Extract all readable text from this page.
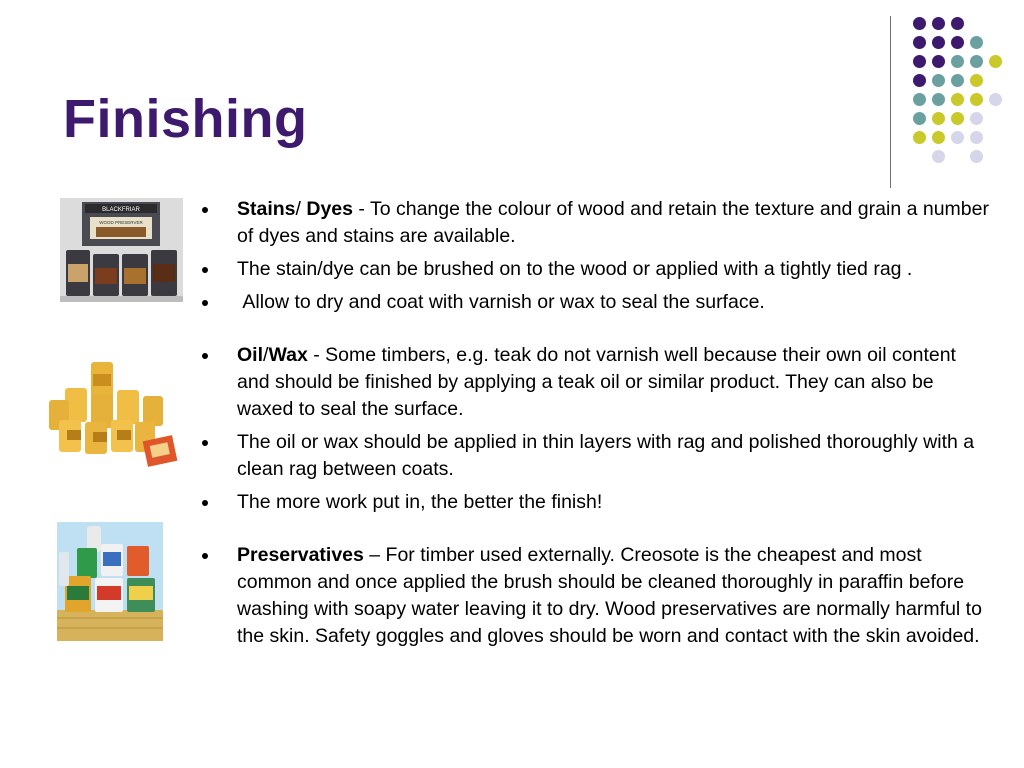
Finishing
BLACKFRIAR
WOOD PRESERVER
Stains/ Dyes - To change the colour of wood and retain the texture and grain a number of dyes and stains are available.
The stain/dye can be brushed on to the wood or applied with a tightly tied rag .
Allow to dry and coat with varnish or wax to seal the surface.
Oil/Wax - Some timbers, e.g. teak do not varnish well because their own oil content and should be finished by applying a teak oil or similar product. They can also be waxed to seal the surface.
The oil or wax should be applied in thin layers with rag and polished thoroughly with a clean rag between coats.
The more work put in, the better the finish!
Preservatives – For timber used externally. Creosote is the cheapest and most common and once applied the brush should be cleaned thoroughly in paraffin before washing with soapy water leaving it to dry. Wood preservatives are normally harmful to the skin. Safety goggles and gloves should be worn and contact with the skin avoided.
